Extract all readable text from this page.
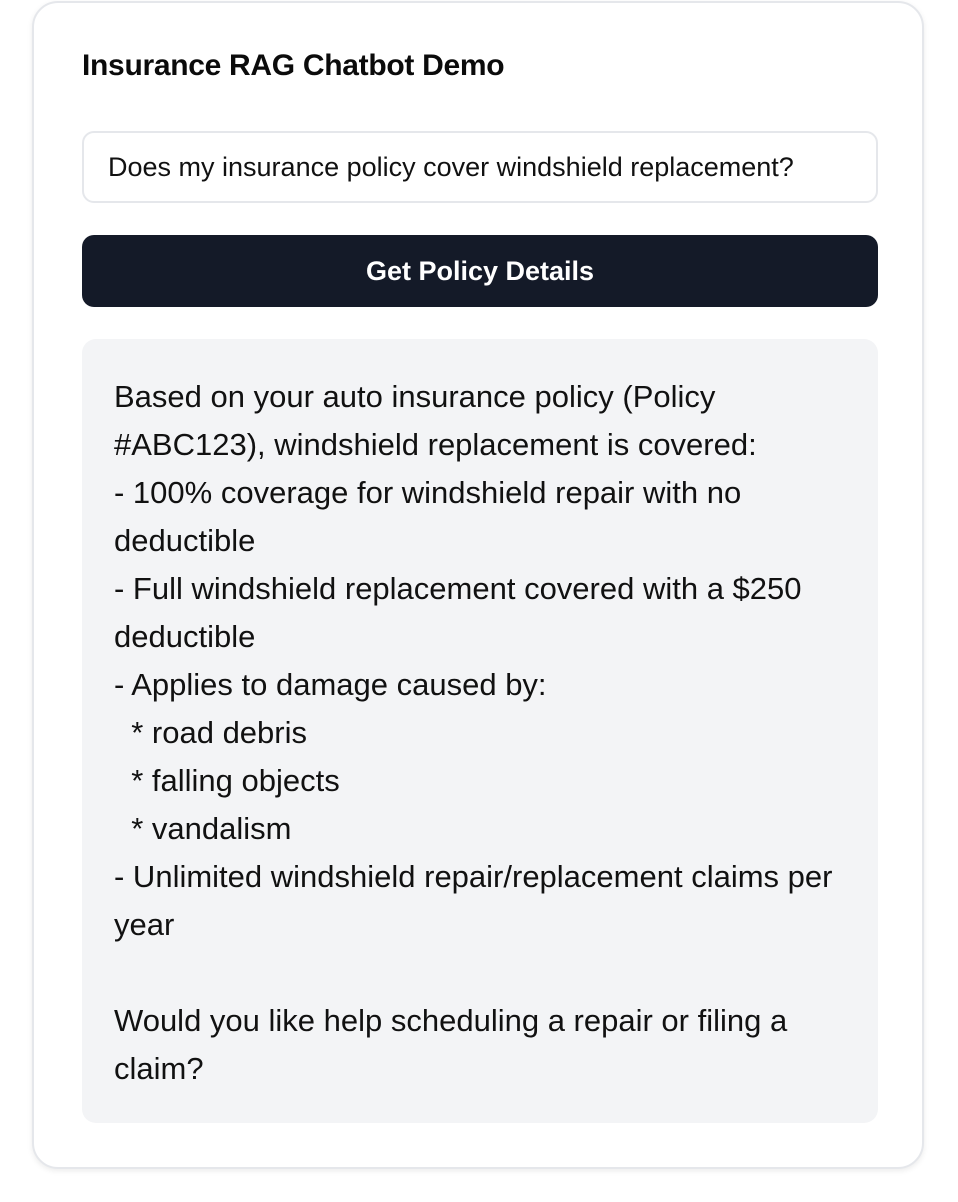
Insurance RAG Chatbot Demo
Does my insurance policy cover windshield replacement?
Get Policy Details

Based on your auto insurance policy (Policy #ABC123), windshield replacement is covered:
- 100% coverage for windshield repair with no deductible
- Full windshield replacement covered with a $250 deductible
- Applies to damage caused by:
* road debris
* falling objects
* vandalism
- Unlimited windshield repair/replacement claims per year

Would you like help scheduling a repair or filing a claim?
